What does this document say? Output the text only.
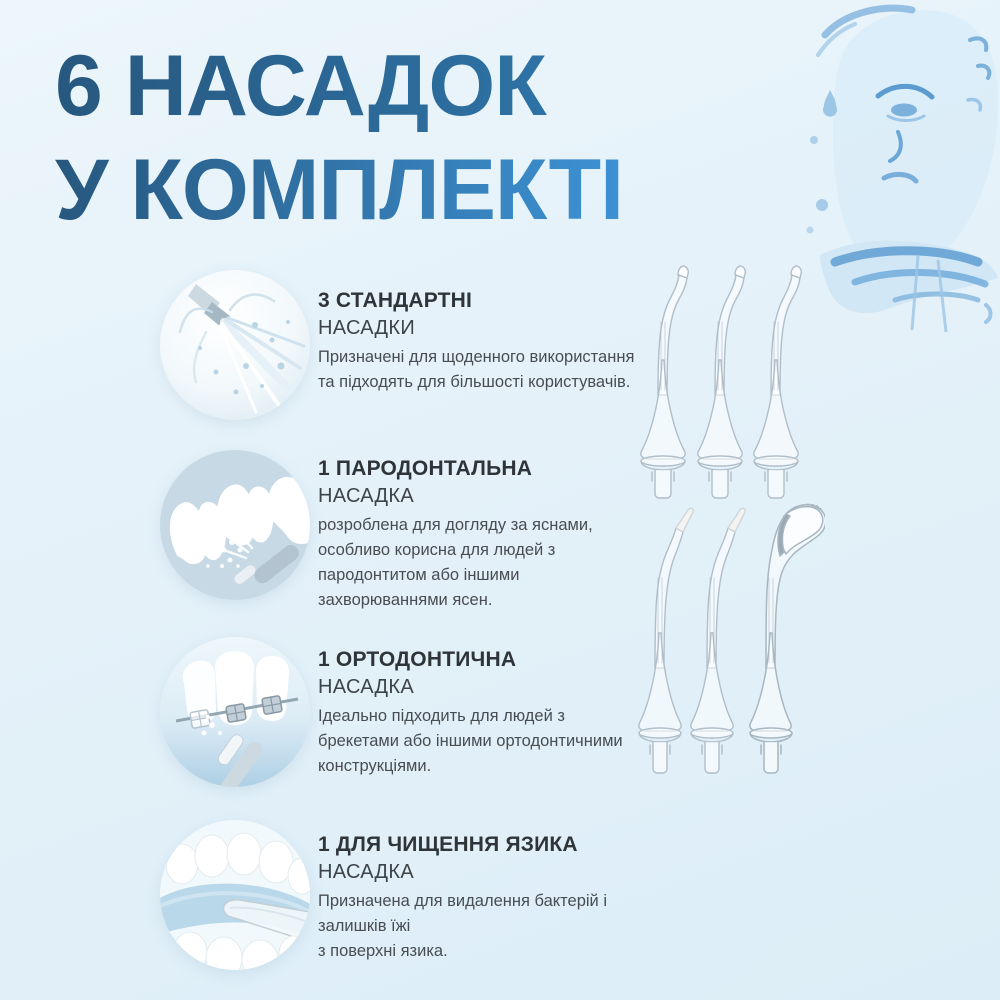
6 НАСАДОК
У КОМПЛЕКТІ
3 СТАНДАРТНІ
НАСАДКИ
Призначені для щоденного використання
та підходять для більшості користувачів.
1 ПАРОДОНТАЛЬНА
НАСАДКА
розроблена для догляду за яснами,
особливо корисна для людей з
пародонтитом або іншими
захворюваннями ясен.
1 ОРТОДОНТИЧНА
НАСАДКА
Ідеально підходить для людей з
брекетами або іншими ортодонтичними
конструкціями.
1 ДЛЯ ЧИЩЕННЯ ЯЗИКА
НАСАДКА
Призначена для видалення бактерій і
залишків їжі
з поверхні язика.
